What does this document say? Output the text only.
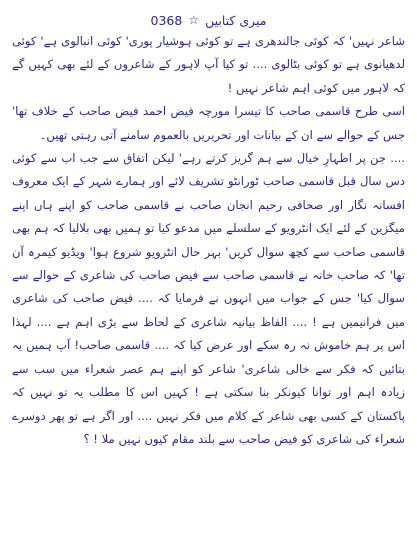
میری کتابیں
☆
0368

شاعر نہیں' کہ کوئی جالندھری ہے تو کوئی ہوشیار پوری' کوئی انبالوی ہے' کوئی لدھیانوی ہے تو کوئی بٹالوی .... تو کیا آپ لاہور کے شاعروں کے لئے بھی کہیں گے کہ لاہور میں کوئی اہم شاعر نہیں !

اسی طرح قاسمی صاحب کا تیسرا مورچہ فیض احمد فیض صاحب کے خلاف تھا' جس کے حوالے سے ان کے بیانات اور تحریریں بالعموم سامنے آتی رہتی تھیں۔

.... جن پر اظہارِ خیال سے ہم گریز کرتے رہے' لیکن اتفاق سے جب اب سے کوئی دس سال قبل قاسمی صاحب ٹورانٹو تشریف لائے اور ہمارے شہر کے ایک معروف افسانہ نگار اور صحافی رحیم انجان صاحب نے قاسمی صاحب کو اپنے ہاں اپنے میگزین کے لئے ایک انٹرویو کے سلسلے میں مدعو کیا تو ہمیں بھی بلالیا کہ ہم بھی قاسمی صاحب سے کچھ سوال کریں' بہر حال انٹرویو شروع ہوا' ویڈیو کیمرہ آن تھا' کہ صاحب خانہ نے قاسمی صاحب سے فیض صاحب کی شاعری کے حوالے سے سوال کیا' جس کے جواب میں انہوں نے فرمایا کہ .... فیض صاحب کی شاعری میں فرانیمیں ہے ! .... الفاظ بیانیہ شاعری کے لحاظ سے بڑی اہم ہے .... لہذا اس پر ہم خاموش نہ رہ سکے اور عرض کیا کہ .... قاسمی صاحب! آپ ہمیں یہ بتائیں کہ فکر سے خالی شاعری' شاعر کو اپنے ہم عصر شعراء میں سب سے زیادہ اہم اور توانا کیونکر بنا سکتی ہے ! کہیں اس کا مطلب یہ تو نہیں کہ پاکستان کے کسی بھی شاعر کے کلام میں فکر نہیں .... اور اگر ہے تو پھر دوسرے شعراء کی شاعری کو فیض صاحب سے بلند مقام کیوں نہیں ملا ! ؟
